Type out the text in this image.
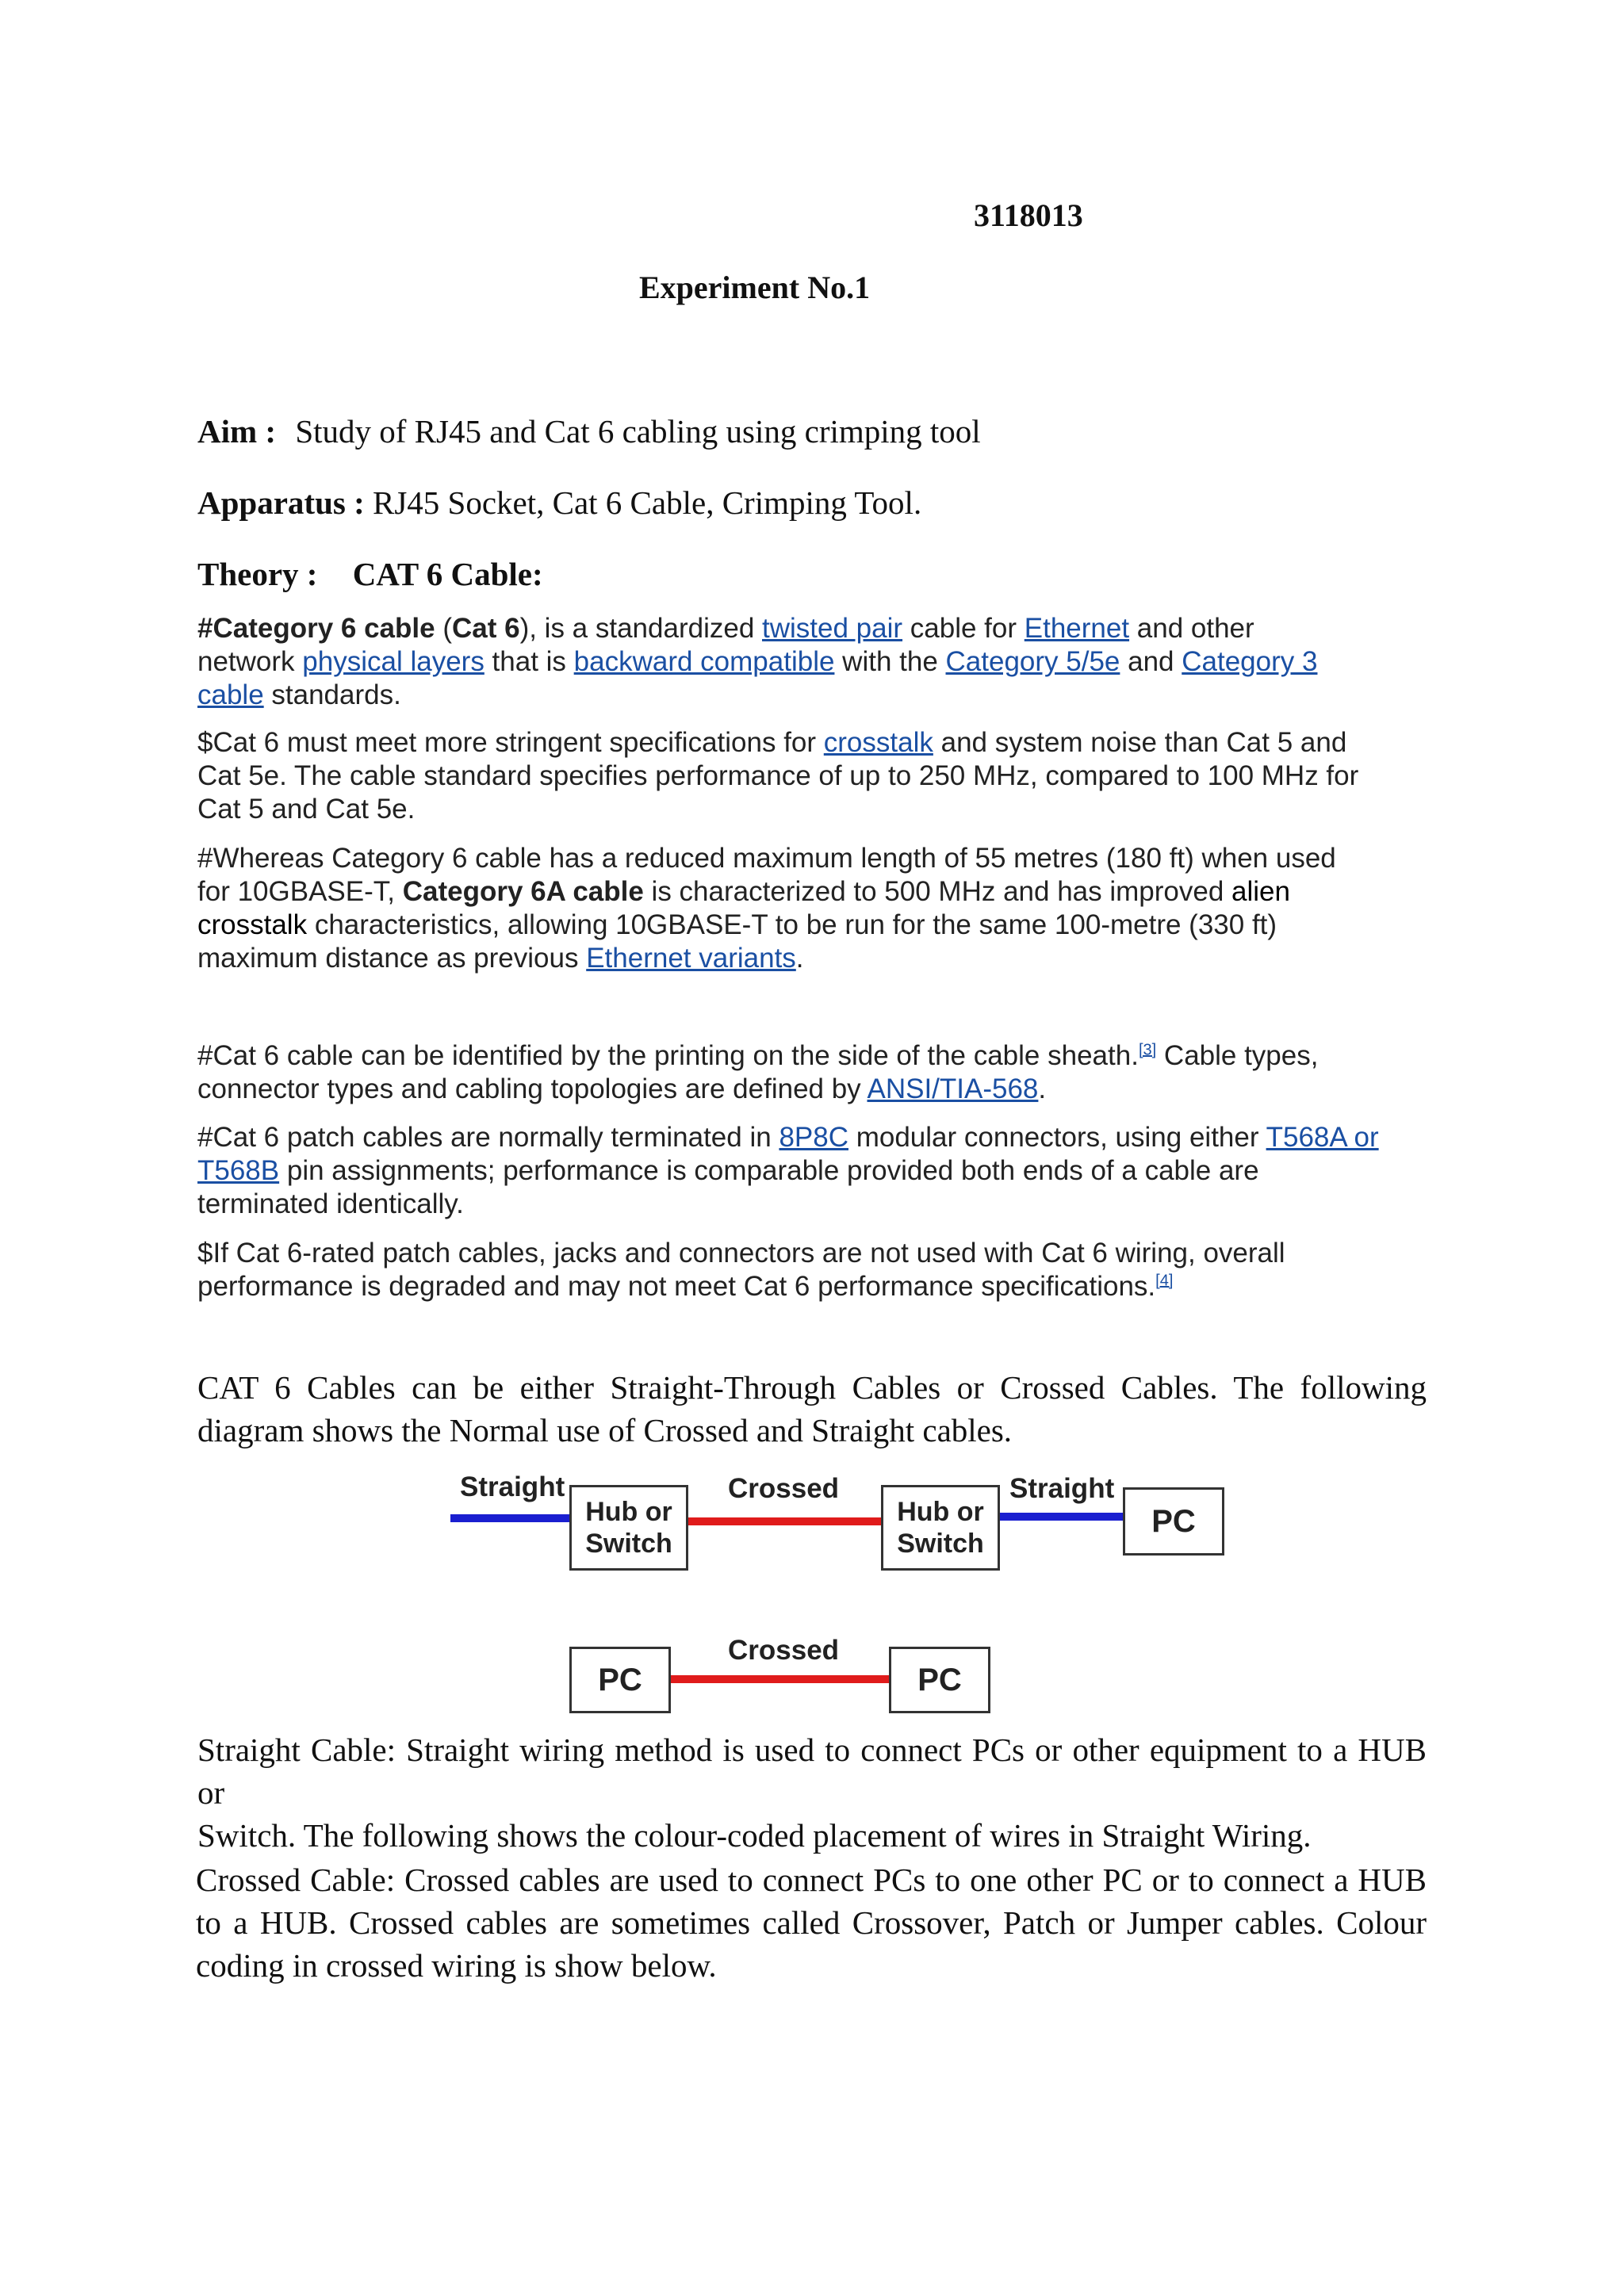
3118013
Experiment No.1
Aim : Study of RJ45 and Cat 6 cabling using crimping tool
Apparatus : RJ45 Socket, Cat 6 Cable, Crimping Tool.
Theory : CAT 6 Cable:
#Category 6 cable (Cat 6), is a standardized twisted pair cable for Ethernet and other
network physical layers that is backward compatible with the Category 5/5e and Category 3
cable standards.
$Cat 6 must meet more stringent specifications for crosstalk and system noise than Cat 5 and
Cat 5e. The cable standard specifies performance of up to 250 MHz, compared to 100 MHz for
Cat 5 and Cat 5e.
#Whereas Category 6 cable has a reduced maximum length of 55 metres (180 ft) when used
for 10GBASE-T, Category 6A cable is characterized to 500 MHz and has improved alien
crosstalk characteristics, allowing 10GBASE-T to be run for the same 100-metre (330 ft)
maximum distance as previous Ethernet variants.
#Cat 6 cable can be identified by the printing on the side of the cable sheath.[3] Cable types,
connector types and cabling topologies are defined by ANSI/TIA-568.
#Cat 6 patch cables are normally terminated in 8P8C modular connectors, using either T568A or
T568B pin assignments; performance is comparable provided both ends of a cable are
terminated identically.
$If Cat 6-rated patch cables, jacks and connectors are not used with Cat 6 wiring, overall
performance is degraded and may not meet Cat 6 performance specifications.[4]
CAT 6 Cables can be either Straight-Through Cables or Crossed Cables. The following
diagram shows the Normal use of Crossed and Straight cables.
Straight	Crossed	Straight
Crossed
Hub or
Switch
Hub or
Switch
PC
PC	PC
Straight Cable: Straight wiring method is used to connect PCs or other equipment to a HUB or
Switch. The following shows the colour-coded placement of wires in Straight Wiring.
Crossed Cable: Crossed cables are used to connect PCs to one other PC or to connect a HUB
to a HUB. Crossed cables are sometimes called Crossover, Patch or Jumper cables. Colour
coding in crossed wiring is show below.
